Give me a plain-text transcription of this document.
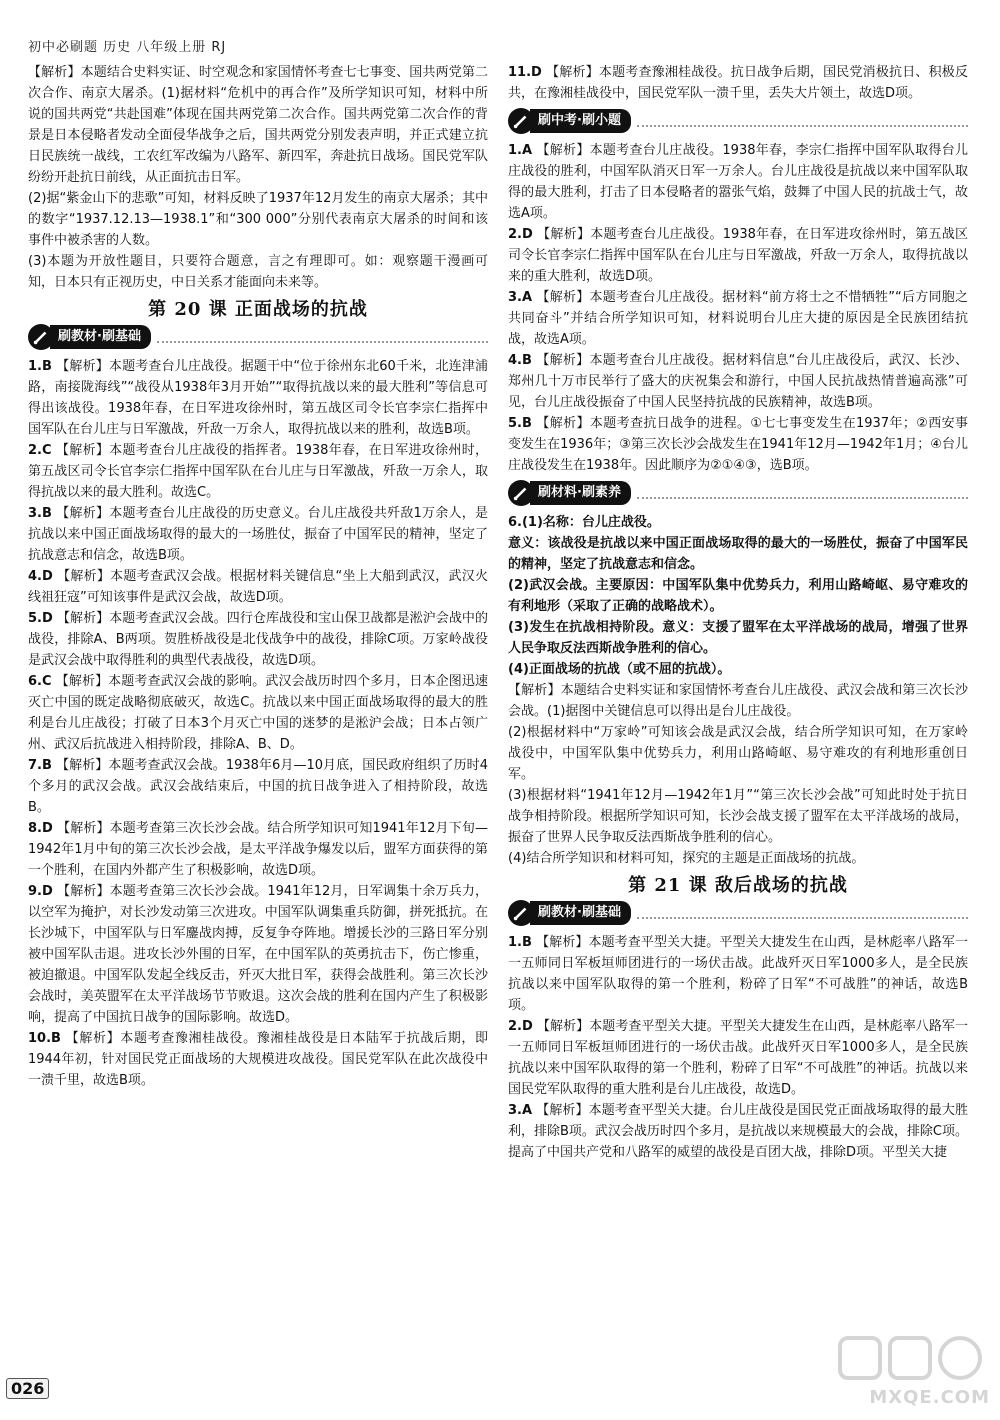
初中必刷题 历史 八年级上册 RJ

【解析】本题结合史料实证、时空观念和家国情怀考查七七事变、国共两党第二次合作、南京大屠杀。(1)据材料“危机中的再合作”及所学知识可知，材料中所说的国共两党“共赴国难”体现在国共两党第二次合作。国共两党第二次合作的背景是日本侵略者发动全面侵华战争之后，国共两党分别发表声明，并正式建立抗日民族统一战线，工农红军改编为八路军、新四军，奔赴抗日战场。国民党军队纷纷开赴抗日前线，从正面抗击日军。

(2)据“紫金山下的悲歌”可知，材料反映了1937年12月发生的南京大屠杀；其中的数字“1937.12.13—1938.1”和“300 000”分别代表南京大屠杀的时间和该事件中被杀害的人数。

(3)本题为开放性题目，只要符合题意，言之有理即可。如：观察题干漫画可知，日本只有正视历史，中日关系才能面向未来等。

第 20 课 正面战场的抗战
刷教材·刷基础

1.B 【解析】本题考查台儿庄战役。据题干中“位于徐州东北60千米，北连津浦路，南接陇海线”“战役从1938年3月开始”“取得抗战以来的最大胜利”等信息可得出该战役。1938年春，在日军进攻徐州时，第五战区司令长官李宗仁指挥中国军队在台儿庄与日军激战，歼敌一万余人，取得抗战以来的胜利，故选B项。

2.C 【解析】本题考查台儿庄战役的指挥者。1938年春，在日军进攻徐州时，第五战区司令长官李宗仁指挥中国军队在台儿庄与日军激战，歼敌一万余人，取得抗战以来的最大胜利。故选C。

3.B 【解析】本题考查台儿庄战役的历史意义。台儿庄战役共歼敌1万余人，是抗战以来中国正面战场取得的最大的一场胜仗，振奋了中国军民的精神，坚定了抗战意志和信念，故选B项。

4.D 【解析】本题考查武汉会战。根据材料关键信息“坐上大船到武汉，武汉火线祖狂寇”可知该事件是武汉会战，故选D项。

5.D 【解析】本题考查武汉会战。四行仓库战役和宝山保卫战都是淞沪会战中的战役，排除A、B两项。贺胜桥战役是北伐战争中的战役，排除C项。万家岭战役是武汉会战中取得胜利的典型代表战役，故选D项。

6.C 【解析】本题考查武汉会战的影响。武汉会战历时四个多月，日本企图迅速灭亡中国的既定战略彻底破灭，故选C。抗战以来中国正面战场取得的最大的胜利是台儿庄战役；打破了日本3个月灭亡中国的迷梦的是淞沪会战；日本占领广州、武汉后抗战进入相持阶段，排除A、B、D。

7.B 【解析】本题考查武汉会战。1938年6月—10月底，国民政府组织了历时4个多月的武汉会战。武汉会战结束后，中国的抗日战争进入了相持阶段，故选B。

8.D 【解析】本题考查第三次长沙会战。结合所学知识可知1941年12月下旬—1942年1月中旬的第三次长沙会战，是太平洋战争爆发以后，盟军方面获得的第一个胜利，在国内外都产生了积极影响，故选D项。

9.D 【解析】本题考查第三次长沙会战。1941年12月，日军调集十余万兵力，以空军为掩护，对长沙发动第三次进攻。中国军队调集重兵防御，拼死抵抗。在长沙城下，中国军队与日军鏖战肉搏，反复争夺阵地。增援长沙的三路日军分别被中国军队击退。进攻长沙外围的日军，在中国军队的英勇抗击下，伤亡惨重，被迫撤退。中国军队发起全线反击，歼灭大批日军，获得会战胜利。第三次长沙会战时，美英盟军在太平洋战场节节败退。这次会战的胜利在国内产生了积极影响，提高了中国抗日战争的国际影响。故选D。

10.B 【解析】本题考查豫湘桂战役。豫湘桂战役是日本陆军于抗战后期，即1944年初，针对国民党正面战场的大规模进攻战役。国民党军队在此次战役中一溃千里，故选B项。

11.D 【解析】本题考查豫湘桂战役。抗日战争后期，国民党消极抗日、积极反共，在豫湘桂战役中，国民党军队一溃千里，丢失大片领土，故选D项。

刷中考·刷小题

1.A 【解析】本题考查台儿庄战役。1938年春，李宗仁指挥中国军队取得台儿庄战役的胜利，中国军队消灭日军一万余人。台儿庄战役是抗战以来中国军队取得的最大胜利，打击了日本侵略者的嚣张气焰，鼓舞了中国人民的抗战士气，故选A项。

2.D 【解析】本题考查台儿庄战役。1938年春，在日军进攻徐州时，第五战区司令长官李宗仁指挥中国军队在台儿庄与日军激战，歼敌一万余人，取得抗战以来的重大胜利，故选D项。

3.A 【解析】本题考查台儿庄战役。据材料“前方将士之不惜牺牲”“后方同胞之共同奋斗”并结合所学知识可知，材料说明台儿庄大捷的原因是全民族团结抗战，故选A项。

4.B 【解析】本题考查台儿庄战役。据材料信息“台儿庄战役后，武汉、长沙、郑州几十万市民举行了盛大的庆祝集会和游行，中国人民抗战热情普遍高涨”可见，台儿庄战役振奋了中国人民坚持抗战的民族精神，故选B项。

5.B 【解析】本题考查抗日战争的进程。①七七事变发生在1937年；②西安事变发生在1936年；③第三次长沙会战发生在1941年12月—1942年1月；④台儿庄战役发生在1938年。因此顺序为②①④③，选B项。

刷材料·刷素养

6.(1)名称：台儿庄战役。

意义：该战役是抗战以来中国正面战场取得的最大的一场胜仗，振奋了中国军民的精神，坚定了抗战意志和信念。

(2)武汉会战。主要原因：中国军队集中优势兵力，利用山路崎岖、易守难攻的有利地形（采取了正确的战略战术）。

(3)发生在抗战相持阶段。意义：支援了盟军在太平洋战场的战局，增强了世界人民争取反法西斯战争胜利的信心。

(4)正面战场的抗战（或不屈的抗战）。

【解析】本题结合史料实证和家国情怀考查台儿庄战役、武汉会战和第三次长沙会战。(1)据图中关键信息可以得出是台儿庄战役。

(2)根据材料中“万家岭”可知该会战是武汉会战，结合所学知识可知，在万家岭战役中，中国军队集中优势兵力，利用山路崎岖、易守难攻的有利地形重创日军。

(3)根据材料“1941年12月—1942年1月”“第三次长沙会战”可知此时处于抗日战争相持阶段。根据所学知识可知，长沙会战支援了盟军在太平洋战场的战局，振奋了世界人民争取反法西斯战争胜利的信心。

(4)结合所学知识和材料可知，探究的主题是正面战场的抗战。

第 21 课 敌后战场的抗战
刷教材·刷基础

1.B 【解析】本题考查平型关大捷。平型关大捷发生在山西，是林彪率八路军一一五师同日军板垣师团进行的一场伏击战。此战歼灭日军1000多人，是全民族抗战以来中国军队取得的第一个胜利，粉碎了日军“不可战胜”的神话，故选B项。

2.D 【解析】本题考查平型关大捷。平型关大捷发生在山西，是林彪率八路军一一五师同日军板垣师团进行的一场伏击战。此战歼灭日军1000多人，是全民族抗战以来中国军队取得的第一个胜利，粉碎了日军“不可战胜”的神话。抗战以来国民党军队取得的重大胜利是台儿庄战役，故选D。

3.A 【解析】本题考查平型关大捷。台儿庄战役是国民党正面战场取得的最大胜利，排除B项。武汉会战历时四个多月，是抗战以来规模最大的会战，排除C项。提高了中国共产党和八路军的威望的战役是百团大战，排除D项。平型关大捷

026	MXQE.COM
